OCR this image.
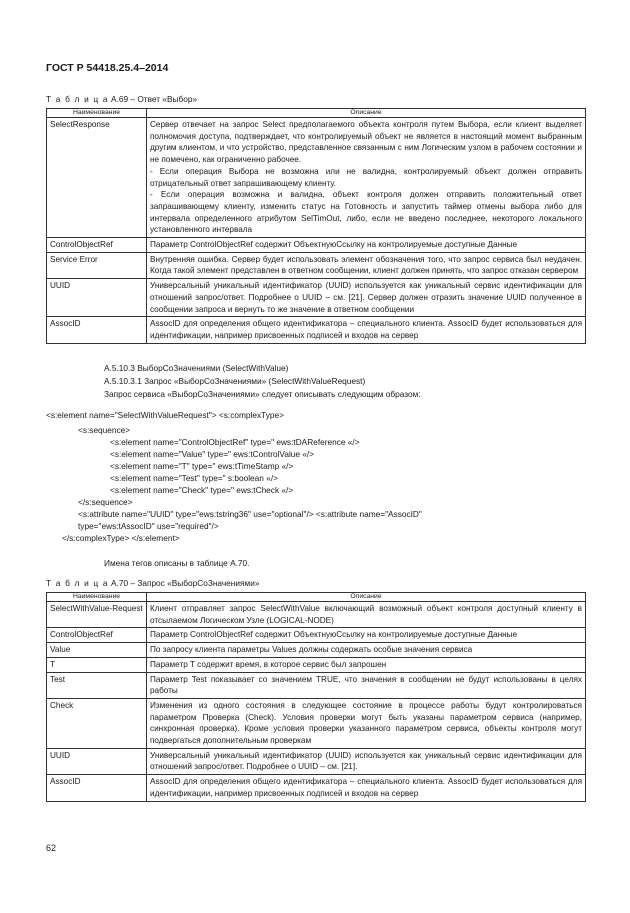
ГОСТ Р 54418.25.4–2014
Т а б л и ц а А.69 – Ответ «Выбор»
Наименование	Описание
SelectResponse	Сервер отвечает на запрос Select предполагаемого объекта контроля путем Выбора, если клиент выделяет полномочия доступа, подтверждает, что контролируемый объект не является в настоящий момент выбранным другим клиентом, и что устройство, представленное связанным с ним Логическим узлом в рабочем состоянии и не помечено, как ограниченно рабочее.

- Если операция Выбора не возможна или не валидна, контролируемый объект должен отправить отрицательный ответ запрашивающему клиенту.

- Если операция возможна и валидна, объект контроля должен отправить положительный ответ запрашивающему клиенту, изменить статус на Готовность и запустить таймер отмены выбора либо для интервала определенного атрибутом SelTimOut, либо, если не введено последнее, некоторого локального установленного интервала

ControlObjectRef	Параметр ControlObjectRef содержит ОбъектнуюСсылку на контролируемые доступные Данные

Service Error	Внутренняя ошибка. Сервер будет использовать элемент обозначения того, что запрос сервиса был неудачен. Когда такой элемент представлен в ответном сообщении, клиент должен принять, что запрос отказан сервером

UUID	Универсальный уникальный идентификатор (UUID) используется как уникальный сервис идентификации для отношений запрос/ответ. Подробнее о UUID – см. [21]. Сервер должен отразить значение UUID полученное в сообщении запроса и вернуть то же значение в ответном сообщении

AssocID	AssocID для определения общего идентификатора – специального клиента. AssocID будет использоваться для идентификации, например присвоенных подписей и входов на сервер

А.5.10.3 ВыборСоЗначениями (SelectWithValue)
А.5.10.3.1 Запрос «ВыборСоЗначениями» (SelectWithValueRequest)
Запрос сервиса «ВыборСоЗначениями» следует описывать следующим образом:
<s:element name="SelectWithValueRequest"> <s:complexType>
<s:sequence>
<s:element name="ControlObjectRef" type=" ews:tDAReference «/>
<s:element name="Value" type=" ews:tControlValue «/>
<s:element name="T" type=" ews:tTimeStamp «/>
<s:element name="Test" type=" s:boolean «/>
<s:element name="Check" type=" ews:tCheck «/>
</s:sequence>
<s:attribute name="UUID" type="ews:tstring36" use="optional"/> <s:attribute name="AssocID"
type="ews:tAssocID" use="required"/>
</s:complexType> </s:element>
Имена тегов описаны в таблице А.70.
Т а б л и ц а А.70 – Запрос «ВыборСоЗначениями»
Наименование	Описание
SelectWithValue-Request	Клиент отправляет запрос SelectWithValue включающий возможный объект контроля доступный клиенту в отсылаемом Логическом Узле (LOGICAL-NODE)

ControlObjectRef	Параметр ControlObjectRef содержит ОбъектнуюСсылку на контролируемые доступные Данные

Value	По запросу клиента параметры Values должны содержать особые значения сервиса

T	Параметр T содержит время, в которое сервис был запрошен

Test	Параметр Test показывает со значением TRUE, что значения в сообщении не будут использованы в целях работы

Check	Изменения из одного состояния в следующее состояние в процессе работы будут контролироваться параметром Проверка (Check). Условия проверки могут быть указаны параметром сервиса (например, синхронная проверка). Кроме условия проверки указанного параметром сервиса, объекты контроля могут подвергаться дополнительным проверкам

UUID	Универсальный уникальный идентификатор (UUID) используется как уникальный сервис идентификации для отношений запрос/ответ. Подробнее о UUID – см. [21].

AssocID	AssocID для определения общего идентификатора – специального клиента. AssocID будет использоваться для идентификации, например присвоенных подписей и входов на сервер

62
